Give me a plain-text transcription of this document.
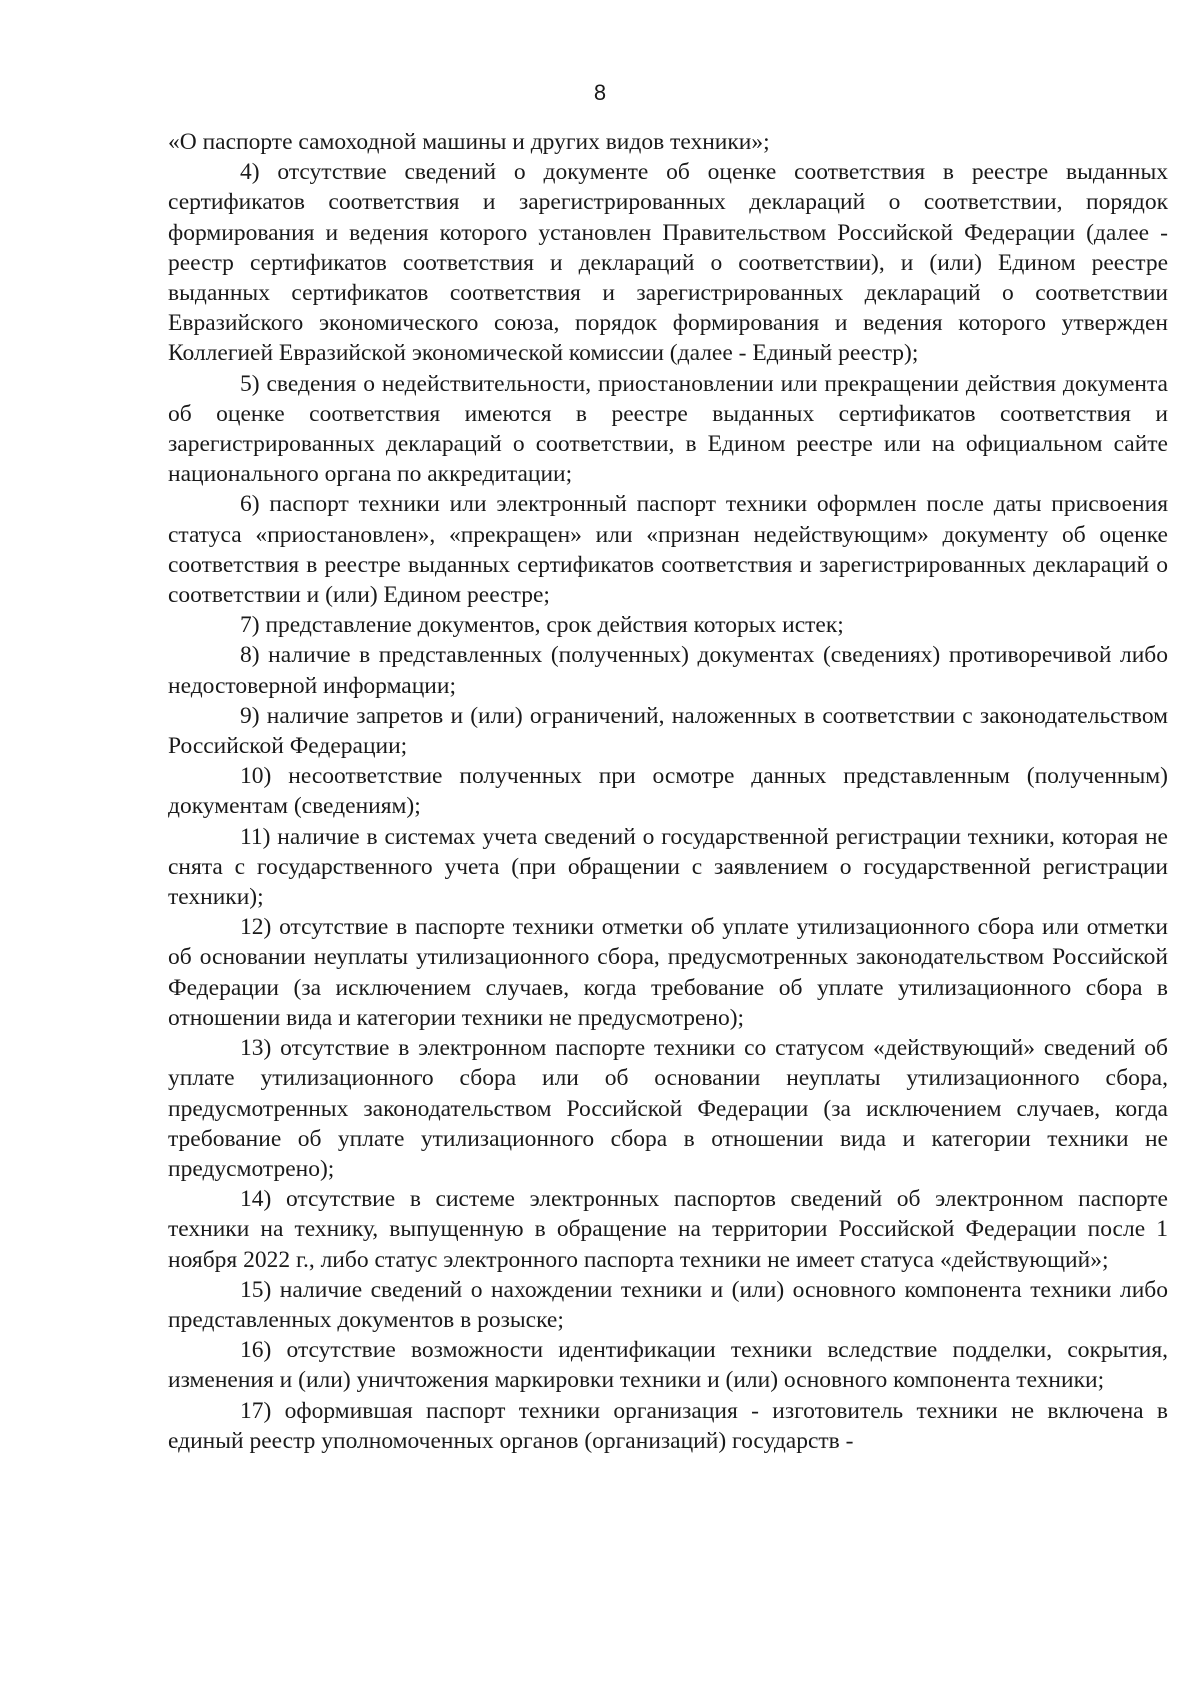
8

«О паспорте самоходной машины и других видов техники»;

4) отсутствие сведений о документе об оценке соответствия в реестре выданных сертификатов соответствия и зарегистрированных деклараций о соответствии, порядок формирования и ведения которого установлен Правительством Российской Федерации (далее - реестр сертификатов соответствия и деклараций о соответствии), и (или) Едином реестре выданных сертификатов соответствия и зарегистрированных деклараций о соответствии Евразийского экономического союза, порядок формирования и ведения которого утвержден Коллегией Евразийской экономической комиссии (далее - Единый реестр);

5) сведения о недействительности, приостановлении или прекращении действия документа об оценке соответствия имеются в реестре выданных сертификатов соответствия и зарегистрированных деклараций о соответствии, в Едином реестре или на официальном сайте национального органа по аккредитации;

6) паспорт техники или электронный паспорт техники оформлен после даты присвоения статуса «приостановлен», «прекращен» или «признан недействующим» документу об оценке соответствия в реестре выданных сертификатов соответствия и зарегистрированных деклараций о соответствии и (или) Едином реестре;

7) представление документов, срок действия которых истек;

8) наличие в представленных (полученных) документах (сведениях) противоречивой либо недостоверной информации;

9) наличие запретов и (или) ограничений, наложенных в соответствии с законодательством Российской Федерации;

10) несоответствие полученных при осмотре данных представленным (полученным) документам (сведениям);

11) наличие в системах учета сведений о государственной регистрации техники, которая не снята с государственного учета (при обращении с заявлением о государственной регистрации техники);

12) отсутствие в паспорте техники отметки об уплате утилизационного сбора или отметки об основании неуплаты утилизационного сбора, предусмотренных законодательством Российской Федерации (за исключением случаев, когда требование об уплате утилизационного сбора в отношении вида и категории техники не предусмотрено);

13) отсутствие в электронном паспорте техники со статусом «действующий» сведений об уплате утилизационного сбора или об основании неуплаты утилизационного сбора, предусмотренных законодательством Российской Федерации (за исключением случаев, когда требование об уплате утилизационного сбора в отношении вида и категории техники не предусмотрено);

14) отсутствие в системе электронных паспортов сведений об электронном паспорте техники на технику, выпущенную в обращение на территории Российской Федерации после 1 ноября 2022 г., либо статус электронного паспорта техники не имеет статуса «действующий»;

15) наличие сведений о нахождении техники и (или) основного компонента техники либо представленных документов в розыске;

16) отсутствие возможности идентификации техники вследствие подделки, сокрытия, изменения и (или) уничтожения маркировки техники и (или) основного компонента техники;

17) оформившая паспорт техники организация - изготовитель техники не включена в единый реестр уполномоченных органов (организаций) государств -
